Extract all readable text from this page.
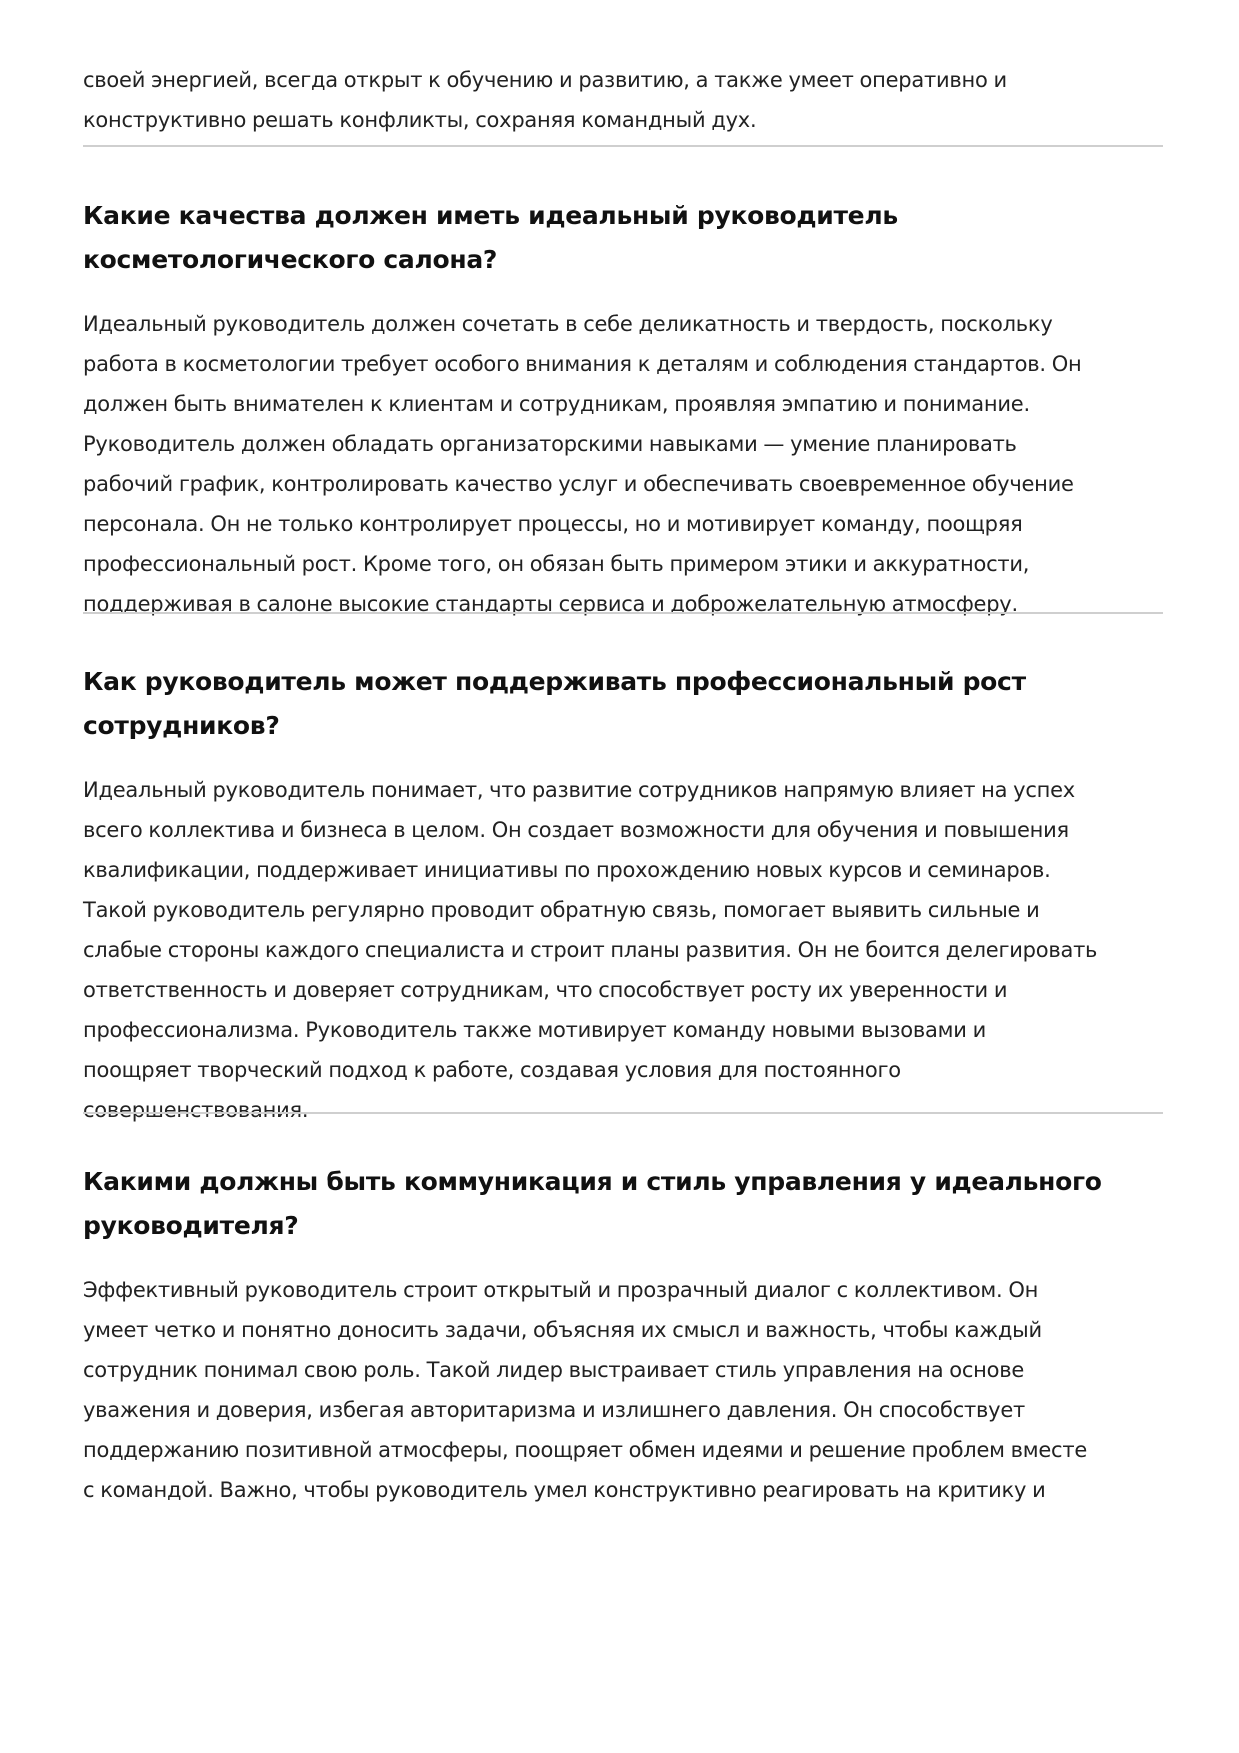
своей энергией, всегда открыт к обучению и развитию, а также умеет оперативно и
конструктивно решать конфликты, сохраняя командный дух.

Какие качества должен иметь идеальный руководитель
косметологического салона?

Идеальный руководитель должен сочетать в себе деликатность и твердость, поскольку
работа в косметологии требует особого внимания к деталям и соблюдения стандартов. Он
должен быть внимателен к клиентам и сотрудникам, проявляя эмпатию и понимание.
Руководитель должен обладать организаторскими навыками — умение планировать
рабочий график, контролировать качество услуг и обеспечивать своевременное обучение
персонала. Он не только контролирует процессы, но и мотивирует команду, поощряя
профессиональный рост. Кроме того, он обязан быть примером этики и аккуратности,
поддерживая в салоне высокие стандарты сервиса и доброжелательную атмосферу.

Как руководитель может поддерживать профессиональный рост
сотрудников?

Идеальный руководитель понимает, что развитие сотрудников напрямую влияет на успех
всего коллектива и бизнеса в целом. Он создает возможности для обучения и повышения
квалификации, поддерживает инициативы по прохождению новых курсов и семинаров.
Такой руководитель регулярно проводит обратную связь, помогает выявить сильные и
слабые стороны каждого специалиста и строит планы развития. Он не боится делегировать
ответственность и доверяет сотрудникам, что способствует росту их уверенности и
профессионализма. Руководитель также мотивирует команду новыми вызовами и
поощряет творческий подход к работе, создавая условия для постоянного
совершенствования.

Какими должны быть коммуникация и стиль управления у идеального
руководителя?

Эффективный руководитель строит открытый и прозрачный диалог с коллективом. Он
умеет четко и понятно доносить задачи, объясняя их смысл и важность, чтобы каждый
сотрудник понимал свою роль. Такой лидер выстраивает стиль управления на основе
уважения и доверия, избегая авторитаризма и излишнего давления. Он способствует
поддержанию позитивной атмосферы, поощряет обмен идеями и решение проблем вместе
с командой. Важно, чтобы руководитель умел конструктивно реагировать на критику и
